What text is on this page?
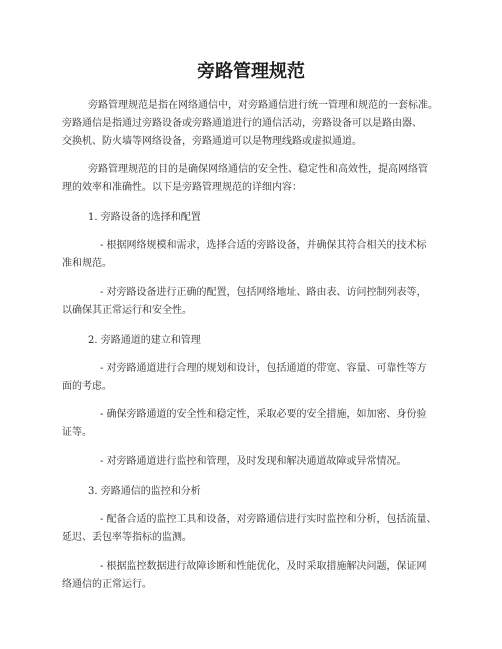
旁路管理规范
旁路管理规范是指在网络通信中，对旁路通信进行统一管理和规范的一套标准。
旁路通信是指通过旁路设备或旁路通道进行的通信活动，旁路设备可以是路由器、
交换机、防火墙等网络设备，旁路通道可以是物理线路或虚拟通道。
旁路管理规范的目的是确保网络通信的安全性、稳定性和高效性，提高网络管
理的效率和准确性。以下是旁路管理规范的详细内容：
1. 旁路设备的选择和配置
- 根据网络规模和需求，选择合适的旁路设备，并确保其符合相关的技术标
准和规范。
- 对旁路设备进行正确的配置，包括网络地址、路由表、访问控制列表等，
以确保其正常运行和安全性。
2. 旁路通道的建立和管理
- 对旁路通道进行合理的规划和设计，包括通道的带宽、容量、可靠性等方
面的考虑。
- 确保旁路通道的安全性和稳定性，采取必要的安全措施，如加密、身份验
证等。
- 对旁路通道进行监控和管理，及时发现和解决通道故障或异常情况。
3. 旁路通信的监控和分析
- 配备合适的监控工具和设备，对旁路通信进行实时监控和分析，包括流量、
延迟、丢包率等指标的监测。
- 根据监控数据进行故障诊断和性能优化，及时采取措施解决问题，保证网
络通信的正常运行。
